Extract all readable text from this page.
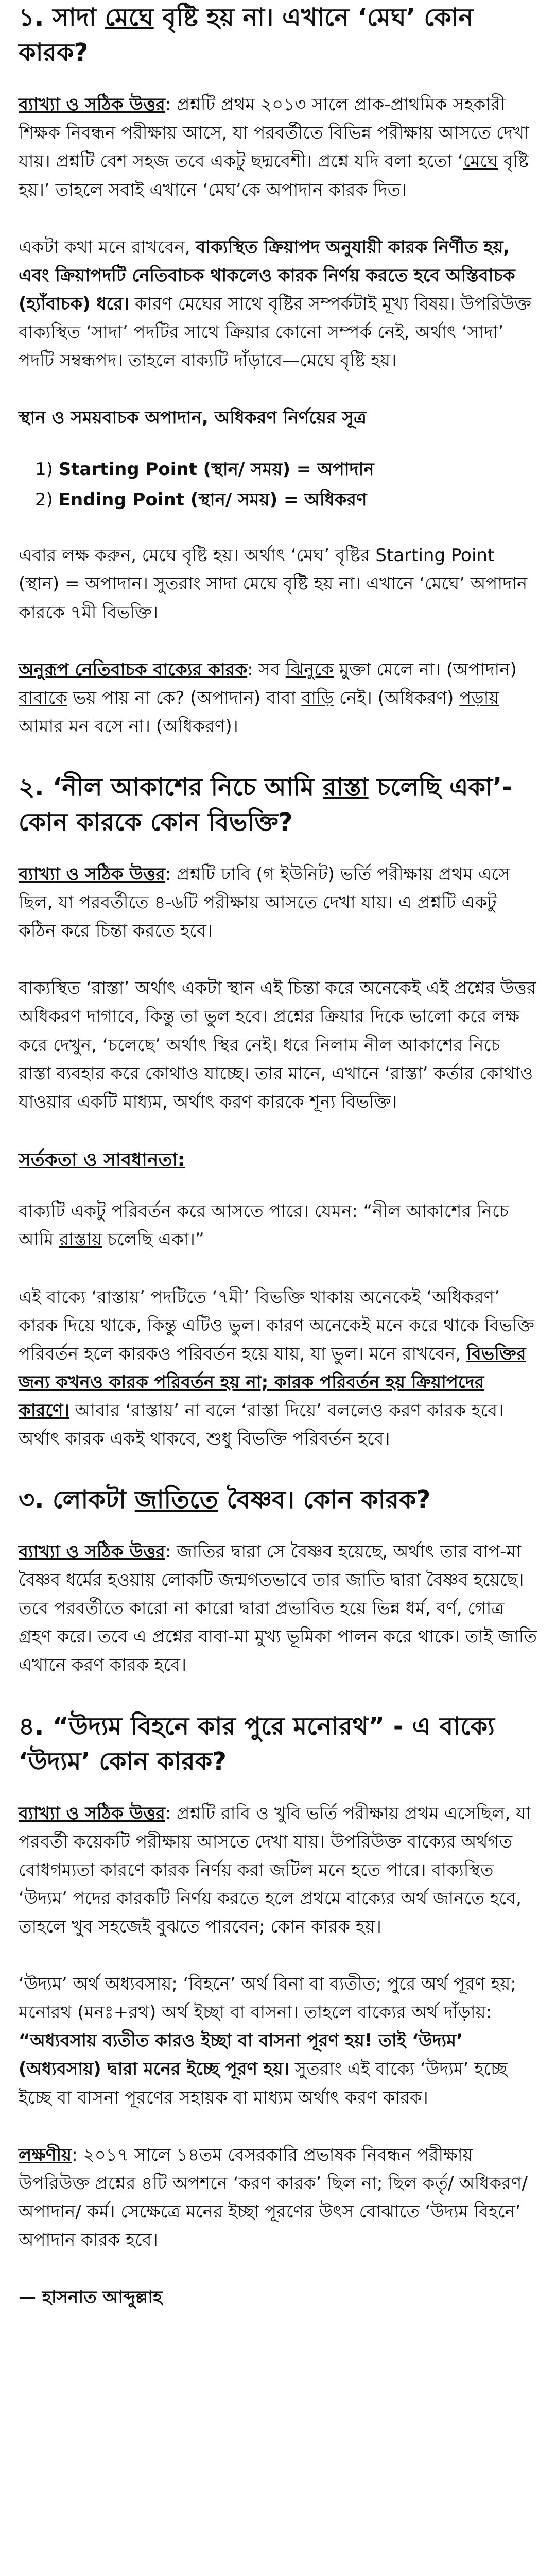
১. সাদা মেঘে বৃষ্টি হয় না। এখানে ‘মেঘ’ কোন কারক?

ব্যাখ্যা ও সঠিক উত্তর: প্রশ্নটি প্রথম ২০১৩ সালে প্রাক-প্রাথমিক সহকারী শিক্ষক নিবন্ধন পরীক্ষায় আসে, যা পরবর্তীতে বিভিন্ন পরীক্ষায় আসতে দেখা যায়। প্রশ্নটি বেশ সহজ তবে একটু ছদ্মবেশী। প্রশ্নে যদি বলা হতো ‘মেঘে বৃষ্টি হয়।’ তাহলে সবাই এখানে ‘মেঘ’কে অপাদান কারক দিত।

একটা কথা মনে রাখবেন, বাক্যস্থিত ক্রিয়াপদ অনুযায়ী কারক নির্ণীত হয়, এবং ক্রিয়াপদটি নেতিবাচক থাকলেও কারক নির্ণয় করতে হবে অস্তিবাচক (হ্যাঁবাচক) ধরে। কারণ মেঘের সাথে বৃষ্টির সম্পর্কটাই মূখ্য বিষয়। উপরিউক্ত বাক্যস্থিত ‘সাদা’ পদটির সাথে ক্রিয়ার কোনো সম্পর্ক নেই, অর্থাৎ ‘সাদা’ পদটি সম্বন্ধপদ। তাহলে বাক্যটি দাঁড়াবে—মেঘে বৃষ্টি হয়।

স্থান ও সময়বাচক অপাদান, অধিকরণ নির্ণয়ের সূত্র
1) Starting Point (স্থান/ সময়) = অপাদান
2) Ending Point (স্থান/ সময়) = অধিকরণ

এবার লক্ষ করুন, মেঘে বৃষ্টি হয়। অর্থাৎ ‘মেঘ’ বৃষ্টির Starting Point (স্থান) = অপাদান। সুতরাং সাদা মেঘে বৃষ্টি হয় না। এখানে ‘মেঘে’ অপাদান কারকে ৭মী বিভক্তি।

অনুরূপ নেতিবাচক বাক্যের কারক: সব ঝিনুকে মুক্তা মেলে না। (অপাদান) বাবাকে ভয় পায় না কে? (অপাদান) বাবা বাড়ি নেই। (অধিকরণ) পড়ায় আমার মন বসে না। (অধিকরণ)।

২. ‘নীল আকাশের নিচে আমি রাস্তা চলেছি একা’-কোন কারকে কোন বিভক্তি?

ব্যাখ্যা ও সঠিক উত্তর: প্রশ্নটি ঢাবি (গ ইউনিট) ভর্তি পরীক্ষায় প্রথম এসে ছিল, যা পরবর্তীতে ৪-৬টি পরীক্ষায় আসতে দেখা যায়। এ প্রশ্নটি একটু কঠিন করে চিন্তা করতে হবে।

বাক্যস্থিত ‘রাস্তা’ অর্থাৎ একটা স্থান এই চিন্তা করে অনেকেই এই প্রশ্নের উত্তর অধিকরণ দাগাবে, কিন্তু তা ভুল হবে। প্রশ্নের ক্রিয়ার দিকে ভালো করে লক্ষ করে দেখুন, ‘চলেছে’ অর্থাৎ স্থির নেই। ধরে নিলাম নীল আকাশের নিচে রাস্তা ব্যবহার করে কোথাও যাচ্ছে। তার মানে, এখানে ‘রাস্তা’ কর্তার কোথাও যাওয়ার একটি মাধ্যম, অর্থাৎ করণ কারকে শূন্য বিভক্তি।

সর্তকতা ও সাবধানতা:

বাক্যটি একটু পরিবর্তন করে আসতে পারে। যেমন: “নীল আকাশের নিচে আমি রাস্তায় চলেছি একা।”

এই বাক্যে ‘রাস্তায়’ পদটিতে ‘৭মী’ বিভক্তি থাকায় অনেকেই ‘অধিকরণ’ কারক দিয়ে থাকে, কিন্তু এটিও ভুল। কারণ অনেকেই মনে করে থাকে বিভক্তি পরিবর্তন হলে কারকও পরিবর্তন হয়ে যায়, যা ভুল। মনে রাখবেন, বিভক্তির জন্য কখনও কারক পরিবর্তন হয় না; কারক পরিবর্তন হয় ক্রিয়াপদের কারণে। আবার ‘রাস্তায়’ না বলে ‘রাস্তা দিয়ে’ বললেও করণ কারক হবে। অর্থাৎ কারক একই থাকবে, শুধু বিভক্তি পরিবর্তন হবে।

৩. লোকটা জাতিতে বৈষ্ণব। কোন কারক?

ব্যাখ্যা ও সঠিক উত্তর: জাতির দ্বারা সে বৈষ্ণব হয়েছে, অর্থাৎ তার বাপ-মা বৈষ্ণব ধর্মের হওয়ায় লোকটি জন্মগতভাবে তার জাতি দ্বারা বৈষ্ণব হয়েছে। তবে পরবর্তীতে কারো না কারো দ্বারা প্রভাবিত হয়ে ভিন্ন ধর্ম, বর্ণ, গোত্র গ্রহণ করে। তবে এ প্রশ্নের বাবা-মা মুখ্য ভূমিকা পালন করে থাকে। তাই জাতি এখানে করণ কারক হবে।

৪. “উদ্যম বিহনে কার পুরে মনোরথ” - এ বাক্যে ‘উদ্যম’ কোন কারক?

ব্যাখ্যা ও সঠিক উত্তর: প্রশ্নটি রাবি ও খুবি ভর্তি পরীক্ষায় প্রথম এসেছিল, যা পরবর্তী কয়েকটি পরীক্ষায় আসতে দেখা যায়। উপরিউক্ত বাক্যের অর্থগত বোধগম্যতা কারণে কারক নির্ণয় করা জটিল মনে হতে পারে। বাক্যস্থিত ‘উদ্যম’ পদের কারকটি নির্ণয় করতে হলে প্রথমে বাক্যের অর্থ জানতে হবে, তাহলে খুব সহজেই বুঝতে পারবেন; কোন কারক হয়।

‘উদ্যম’ অর্থ অধ্যবসায়; ‘বিহনে’ অর্থ বিনা বা ব্যতীত; পুরে অর্থ পূরণ হয়; মনোরথ (মনঃ+রথ) অর্থ ইচ্ছা বা বাসনা। তাহলে বাক্যের অর্থ দাঁড়ায়: “অধ্যবসায় ব্যতীত কারও ইচ্ছা বা বাসনা পূরণ হয়! তাই ‘উদ্যম’ (অধ্যবসায়) দ্বারা মনের ইচ্ছে পূরণ হয়। সুতরাং এই বাক্যে ‘উদ্যম’ হচ্ছে ইচ্ছে বা বাসনা পূরণের সহায়ক বা মাধ্যম অর্থাৎ করণ কারক।

লক্ষণীয়: ২০১৭ সালে ১৪তম বেসরকারি প্রভাষক নিবন্ধন পরীক্ষায় উপরিউক্ত প্রশ্নের ৪টি অপশনে ‘করণ কারক’ ছিল না; ছিল কর্তৃ/ অধিকরণ/ অপাদান/ কর্ম। সেক্ষেত্রে মনের ইচ্ছা পূরণের উৎস বোঝাতে ‘উদ্যম বিহনে’ অপাদান কারক হবে।

— হাসনাত আব্দুল্লাহ
